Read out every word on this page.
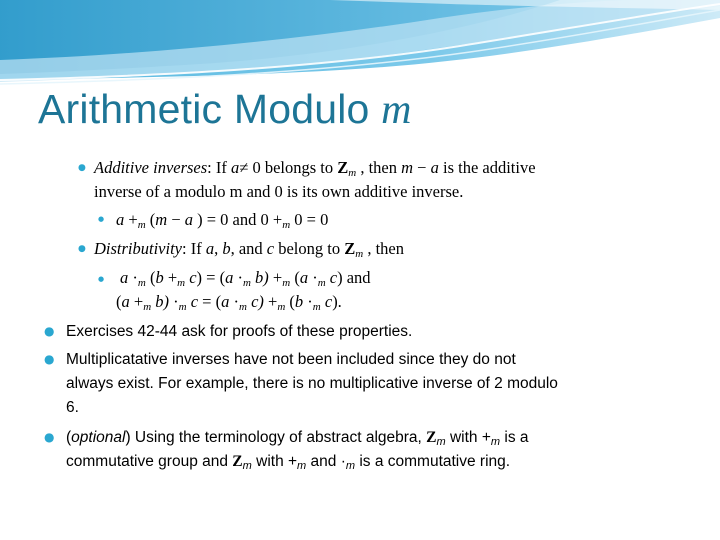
Arithmetic Modulo m
● Additive inverses: If a≠ 0 belongs to $Z_m$ , then m − a is the additive
inverse of a modulo m and 0 is its own additive inverse.
● $a +_m$ (m − a ) = 0 and $0 +_m$ 0 = 0
● Distributivity: If a, b, and c belong to $Z_m$ , then
● $a \cdot_m$ ($b +_m$ $c) = (a \cdot_m$ $b) +_m$ ($a \cdot_m$ c) and
($a +_m$ $b) \cdot_m$ $c = (a \cdot_m$ $c) +_m$ ($b \cdot_m$ c).
● Exercises 42-44 ask for proofs of these properties.
● Multiplicatative inverses have not been included since they do not
always exist. For example, there is no multiplicative inverse of 2 modulo
6.
● (optional) Using the terminology of abstract algebra, $Z_m$ with $+_m$ is a
commutative group and $Z_m$ with $+_m$ and $\cdot_m$ is a commutative ring.
